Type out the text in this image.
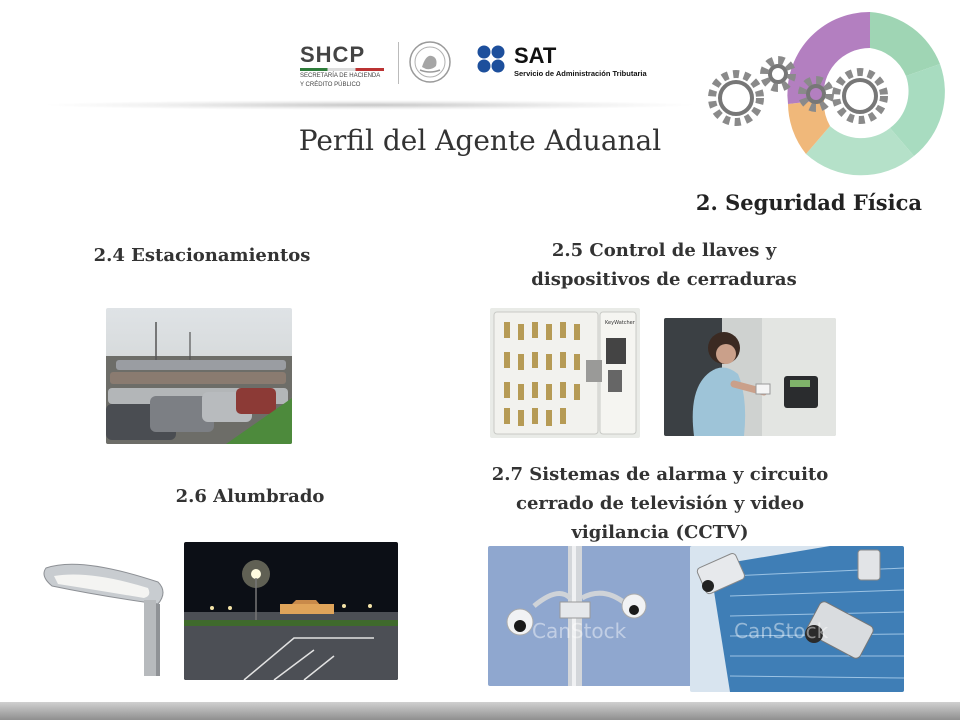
SHCP
SECRETARÍA DE HACIENDA
Y CRÉDITO PÚBLICO
SAT
Servicio de Administración Tributaria
Perfil del Agente Aduanal
2. Seguridad Física
2.4 Estacionamientos	2.5 Control de llaves y
dispositivos de cerraduras
KeyWatcher
2.6 Alumbrado
2.7 Sistemas de alarma y circuito
cerrado de televisión y video
vigilancia (CCTV)
CanStock	CanStock
